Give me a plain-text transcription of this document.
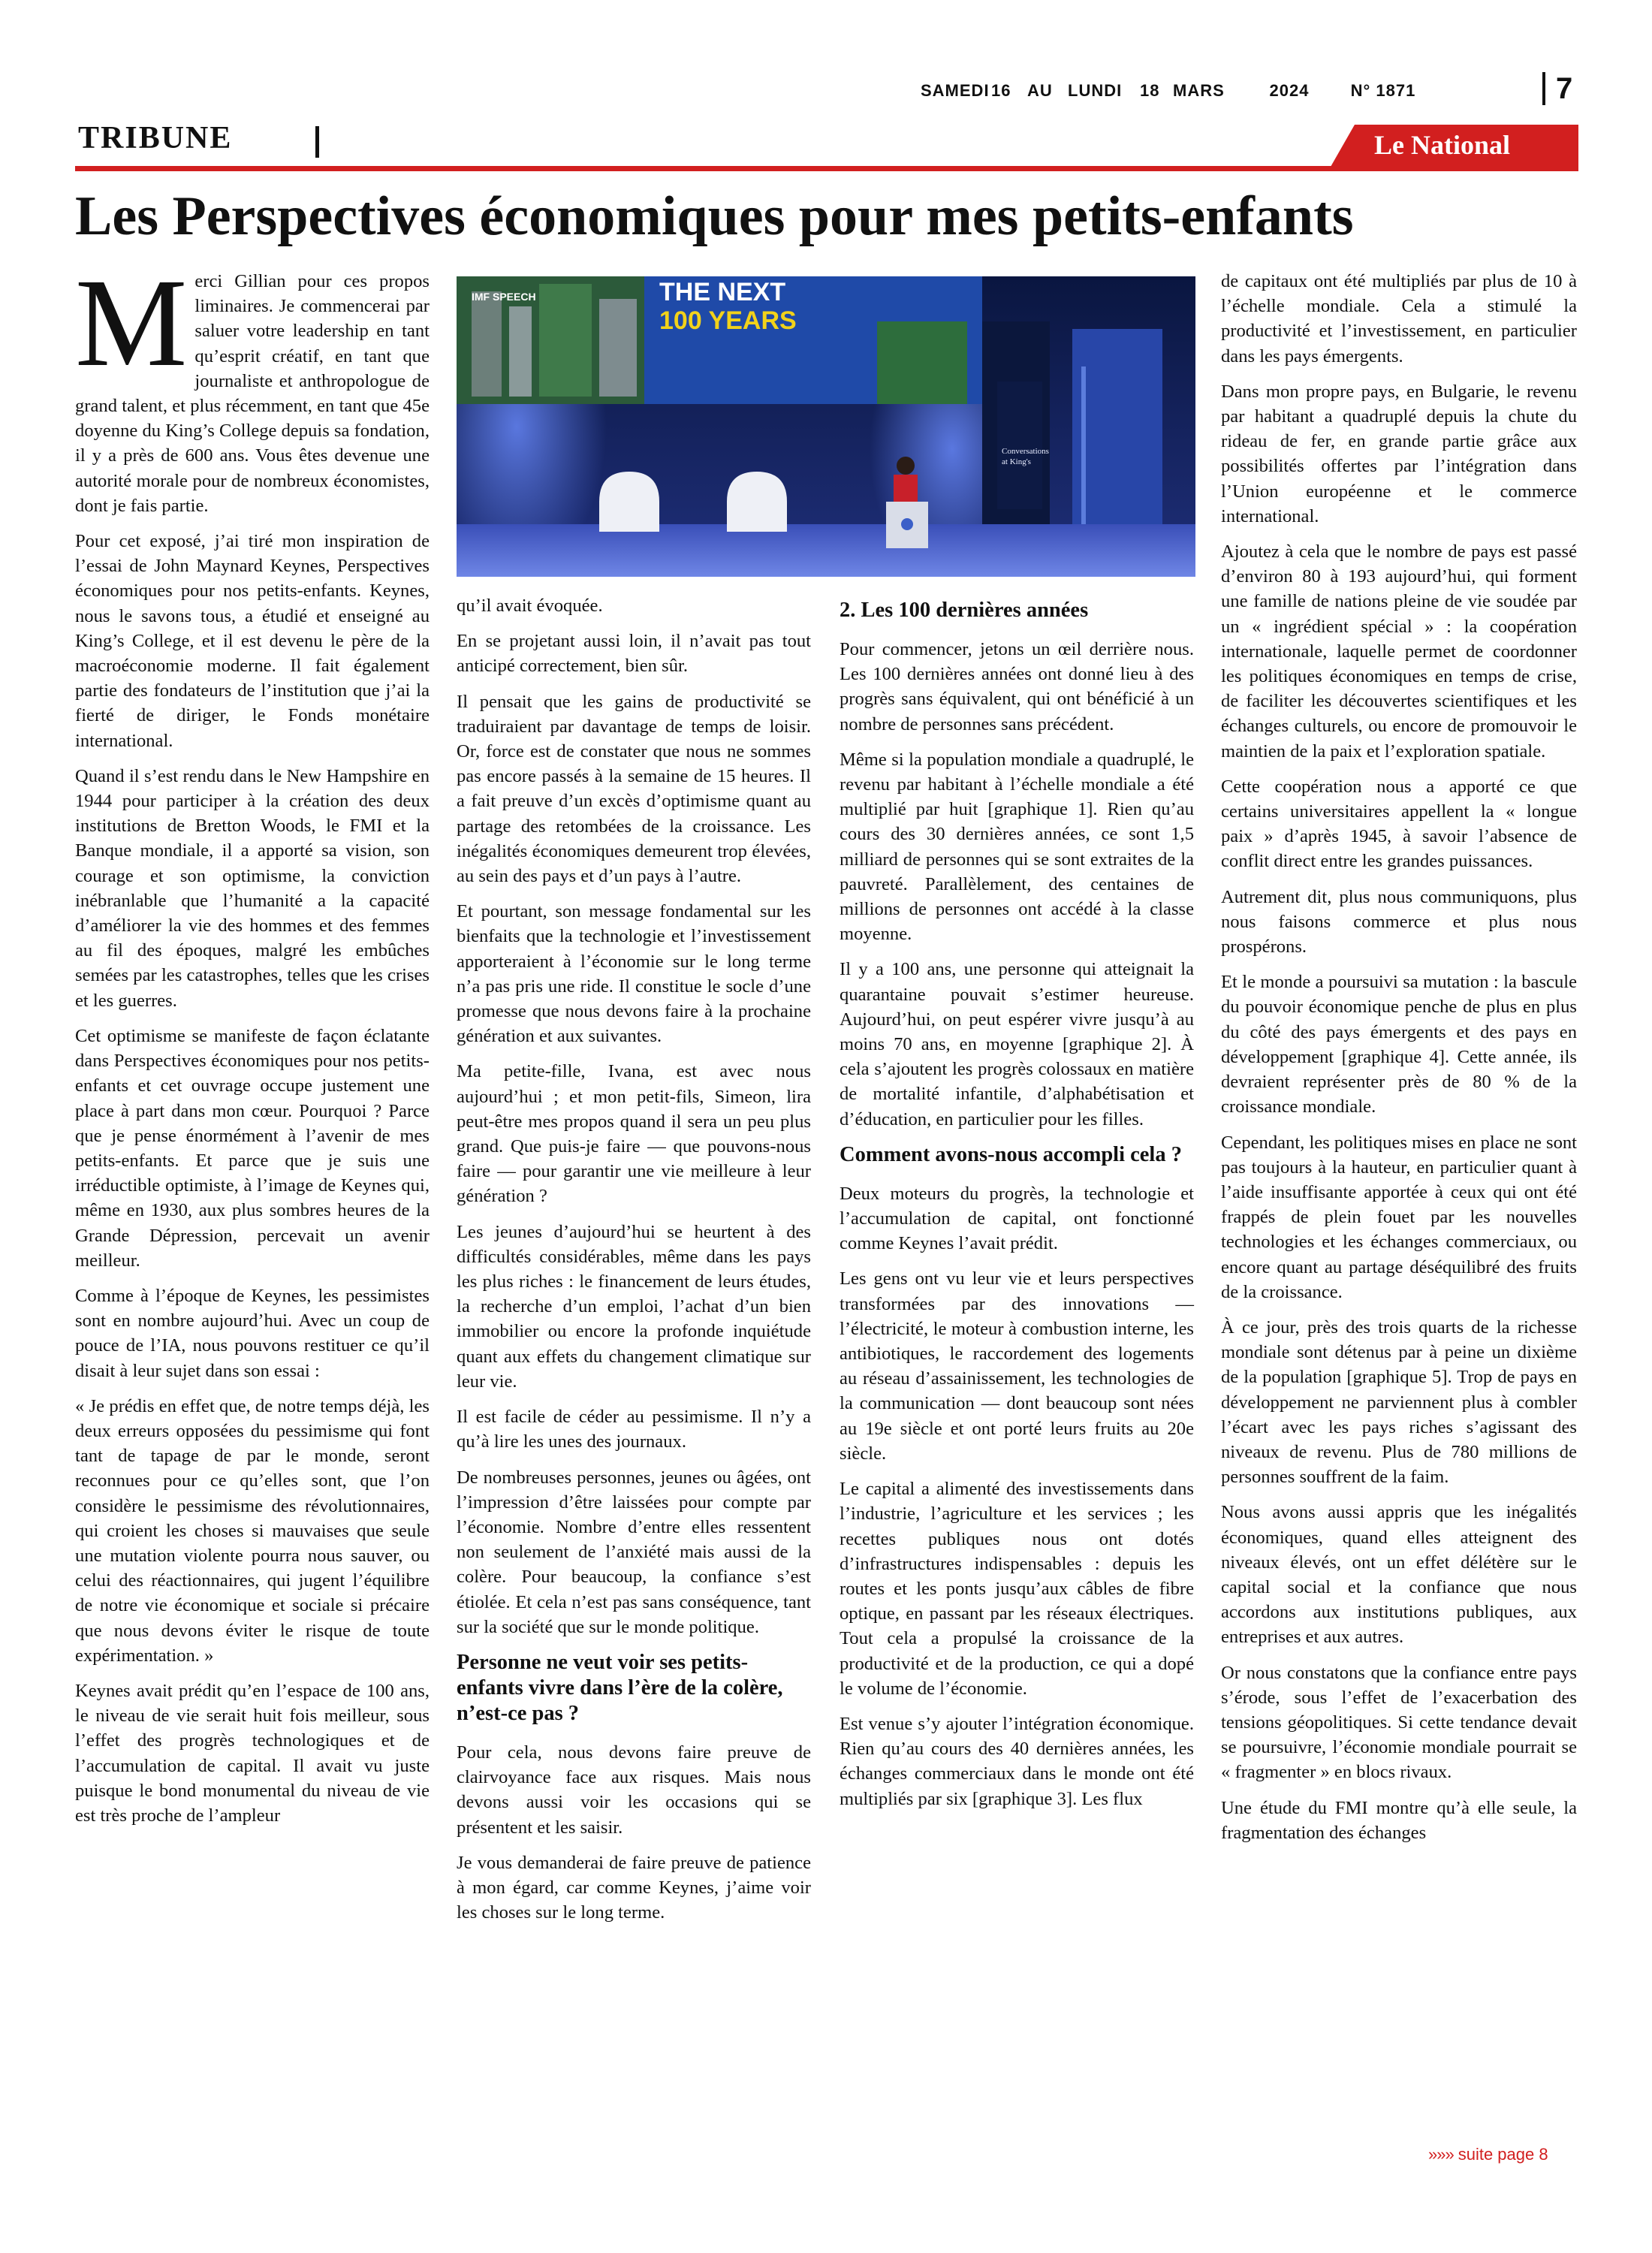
SAMEDI 16 AU LUNDI	18 MARS	2024	N° 1871	7
TRIBUNE	Le National
Les Perspectives économiques pour mes petits-enfants

Merci Gillian pour ces propos liminaires. Je commencerai par saluer votre leadership en tant qu’esprit créatif, en tant que journaliste et anthropologue de grand talent, et plus récemment, en tant que 45e doyenne du King’s College depuis sa fondation, il y a près de 600 ans. Vous êtes devenue une autorité morale pour de nombreux économistes, dont je fais partie.

Pour cet exposé, j’ai tiré mon inspiration de l’essai de John Maynard Keynes, Perspectives économiques pour nos petits-enfants. Keynes, nous le savons tous, a étudié et enseigné au King’s College, et il est devenu le père de la macroéconomie moderne. Il fait également partie des fondateurs de l’institution que j’ai la fierté de diriger, le Fonds monétaire international.

Quand il s’est rendu dans le New Hampshire en 1944 pour participer à la création des deux institutions de Bretton Woods, le FMI et la Banque mondiale, il a apporté sa vision, son courage et son optimisme, la conviction inébranlable que l’humanité a la capacité d’améliorer la vie des hommes et des femmes au fil des époques, malgré les embûches semées par les catastrophes, telles que les crises et les guerres.

Cet optimisme se manifeste de façon éclatante dans Perspectives économiques pour nos petits-enfants et cet ouvrage occupe justement une place à part dans mon cœur. Pourquoi ? Parce que je pense énormément à l’avenir de mes petits-enfants. Et parce que je suis une irréductible optimiste, à l’image de Keynes qui, même en 1930, aux plus sombres heures de la Grande Dépression, percevait un avenir meilleur.

Comme à l’époque de Keynes, les pessimistes sont en nombre aujourd’hui. Avec un coup de pouce de l’IA, nous pouvons restituer ce qu’il disait à leur sujet dans son essai :

« Je prédis en effet que, de notre temps déjà, les deux erreurs opposées du pessimisme qui font tant de tapage de par le monde, seront reconnues pour ce qu’elles sont, que l’on considère le pessimisme des révolutionnaires, qui croient les choses si mauvaises que seule une mutation violente pourra nous sauver, ou celui des réactionnaires, qui jugent l’équilibre de notre vie économique et sociale si précaire que nous devons éviter le risque de toute expérimentation. »

Keynes avait prédit qu’en l’espace de 100 ans, le niveau de vie serait huit fois meilleur, sous l’effet des progrès technologiques et de l’accumulation de capital. Il avait vu juste puisque le bond monumental du niveau de vie est très proche de l’ampleur

IMF SPEECH	THE NEXT
100 YEARS
Conversations
at King's

qu’il avait évoquée.

En se projetant aussi loin, il n’avait pas tout anticipé correctement, bien sûr.

Il pensait que les gains de productivité se traduiraient par davantage de temps de loisir. Or, force est de constater que nous ne sommes pas encore passés à la semaine de 15 heures. Il a fait preuve d’un excès d’optimisme quant au partage des retombées de la croissance. Les inégalités économiques demeurent trop élevées, au sein des pays et d’un pays à l’autre.

Et pourtant, son message fondamental sur les bienfaits que la technologie et l’investissement apporteraient à l’économie sur le long terme n’a pas pris une ride. Il constitue le socle d’une promesse que nous devons faire à la prochaine génération et aux suivantes.

Ma petite-fille, Ivana, est avec nous aujourd’hui ; et mon petit-fils, Simeon, lira peut-être mes propos quand il sera un peu plus grand. Que puis-je faire — que pouvons-nous faire — pour garantir une vie meilleure à leur génération ?

Les jeunes d’aujourd’hui se heurtent à des difficultés considérables, même dans les pays les plus riches : le financement de leurs études, la recherche d’un emploi, l’achat d’un bien immobilier ou encore la profonde inquiétude quant aux effets du changement climatique sur leur vie.

Il est facile de céder au pessimisme. Il n’y a qu’à lire les unes des journaux.

De nombreuses personnes, jeunes ou âgées, ont l’impression d’être laissées pour compte par l’économie. Nombre d’entre elles ressentent non seulement de l’anxiété mais aussi de la colère. Pour beaucoup, la confiance s’est étiolée. Et cela n’est pas sans conséquence, tant sur la société que sur le monde politique.

Personne ne veut voir ses petits-enfants vivre dans l’ère de la colère, n’est-ce pas ?

Pour cela, nous devons faire preuve de clairvoyance face aux risques. Mais nous devons aussi voir les occasions qui se présentent et les saisir.

Je vous demanderai de faire preuve de patience à mon égard, car comme Keynes, j’aime voir les choses sur le long terme.

2. Les 100 dernières années

Pour commencer, jetons un œil derrière nous. Les 100 dernières années ont donné lieu à des progrès sans équivalent, qui ont bénéficié à un nombre de personnes sans précédent.

Même si la population mondiale a quadruplé, le revenu par habitant à l’échelle mondiale a été multiplié par huit [graphique 1]. Rien qu’au cours des 30 dernières années, ce sont 1,5 milliard de personnes qui se sont extraites de la pauvreté. Parallèlement, des centaines de millions de personnes ont accédé à la classe moyenne.

Il y a 100 ans, une personne qui atteignait la quarantaine pouvait s’estimer heureuse. Aujourd’hui, on peut espérer vivre jusqu’à au moins 70 ans, en moyenne [graphique 2]. À cela s’ajoutent les progrès colossaux en matière de mortalité infantile, d’alphabétisation et d’éducation, en particulier pour les filles.

Comment avons-nous accompli cela ?

Deux moteurs du progrès, la technologie et l’accumulation de capital, ont fonctionné comme Keynes l’avait prédit.

Les gens ont vu leur vie et leurs perspectives transformées par des innovations — l’électricité, le moteur à combustion interne, les antibiotiques, le raccordement des logements au réseau d’assainissement, les technologies de la communication — dont beaucoup sont nées au 19e siècle et ont porté leurs fruits au 20e siècle.

Le capital a alimenté des investissements dans l’industrie, l’agriculture et les services ; les recettes publiques nous ont dotés d’infrastructures indispensables : depuis les routes et les ponts jusqu’aux câbles de fibre optique, en passant par les réseaux électriques. Tout cela a propulsé la croissance de la productivité et de la production, ce qui a dopé le volume de l’économie.

Est venue s’y ajouter l’intégration économique. Rien qu’au cours des 40 dernières années, les échanges commerciaux dans le monde ont été multipliés par six [graphique 3]. Les flux

de capitaux ont été multipliés par plus de 10 à l’échelle mondiale. Cela a stimulé la productivité et l’investissement, en particulier dans les pays émergents.

Dans mon propre pays, en Bulgarie, le revenu par habitant a quadruplé depuis la chute du rideau de fer, en grande partie grâce aux possibilités offertes par l’intégration dans l’Union européenne et le commerce international.

Ajoutez à cela que le nombre de pays est passé d’environ 80 à 193 aujourd’hui, qui forment une famille de nations pleine de vie soudée par un « ingrédient spécial » : la coopération internationale, laquelle permet de coordonner les politiques économiques en temps de crise, de faciliter les découvertes scientifiques et les échanges culturels, ou encore de promouvoir le maintien de la paix et l’exploration spatiale.

Cette coopération nous a apporté ce que certains universitaires appellent la « longue paix » d’après 1945, à savoir l’absence de conflit direct entre les grandes puissances.

Autrement dit, plus nous communiquons, plus nous faisons commerce et plus nous prospérons.

Et le monde a poursuivi sa mutation : la bascule du pouvoir économique penche de plus en plus du côté des pays émergents et des pays en développement [graphique 4]. Cette année, ils devraient représenter près de 80 % de la croissance mondiale.

Cependant, les politiques mises en place ne sont pas toujours à la hauteur, en particulier quant à l’aide insuffisante apportée à ceux qui ont été frappés de plein fouet par les nouvelles technologies et les échanges commerciaux, ou encore quant au partage déséquilibré des fruits de la croissance.

À ce jour, près des trois quarts de la richesse mondiale sont détenus par à peine un dixième de la population [graphique 5]. Trop de pays en développement ne parviennent plus à combler l’écart avec les pays riches s’agissant des niveaux de revenu. Plus de 780 millions de personnes souffrent de la faim.

Nous avons aussi appris que les inégalités économiques, quand elles atteignent des niveaux élevés, ont un effet délétère sur le capital social et la confiance que nous accordons aux institutions publiques, aux entreprises et aux autres.

Or nous constatons que la confiance entre pays s’érode, sous l’effet de l’exacerbation des tensions géopolitiques. Si cette tendance devait se poursuivre, l’économie mondiale pourrait se « fragmenter » en blocs rivaux.

Une étude du FMI montre qu’à elle seule, la fragmentation des échanges

»»» suite page 8
